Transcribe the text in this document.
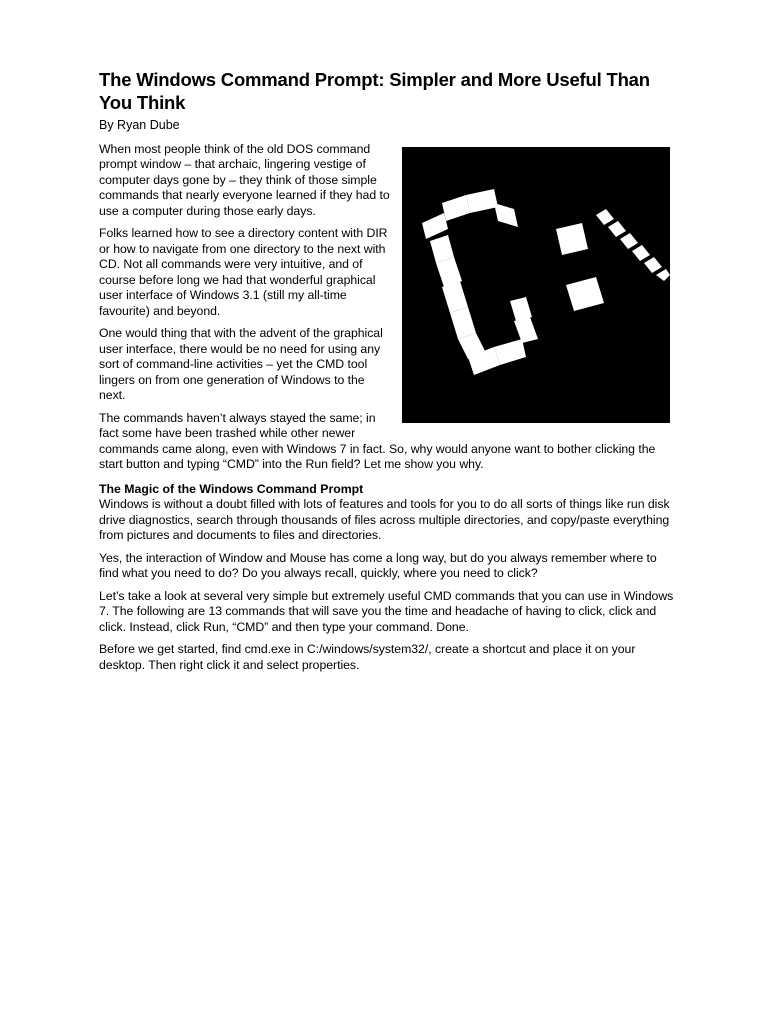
The Windows Command Prompt: Simpler and More Useful Than You Think
By Ryan Dube

When most people think of the old DOS command prompt window – that archaic, lingering vestige of computer days gone by – they think of those simple commands that nearly everyone learned if they had to use a computer during those early days.

Folks learned how to see a directory content with DIR or how to navigate from one directory to the next with CD. Not all commands were very intuitive, and of course before long we had that wonderful graphical user interface of Windows 3.1 (still my all-time favourite) and beyond.

One would thing that with the advent of the graphical user interface, there would be no need for using any sort of command-line activities – yet the CMD tool lingers on from one generation of Windows to the next.

The commands haven’t always stayed the same; in fact some have been trashed while other newer commands came along, even with Windows 7 in fact. So, why would anyone want to bother clicking the start button and typing “CMD” into the Run field? Let me show you why.

The Magic of the Windows Command Prompt

Windows is without a doubt filled with lots of features and tools for you to do all sorts of things like run disk drive diagnostics, search through thousands of files across multiple directories, and copy/paste everything from pictures and documents to files and directories.

Yes, the interaction of Window and Mouse has come a long way, but do you always remember where to find what you need to do? Do you always recall, quickly, where you need to click?

Let’s take a look at several very simple but extremely useful CMD commands that you can use in Windows 7. The following are 13 commands that will save you the time and headache of having to click, click and click. Instead, click Run, “CMD” and then type your command. Done.

Before we get started, find cmd.exe in C:/windows/system32/, create a shortcut and place it on your desktop. Then right click it and select properties.
